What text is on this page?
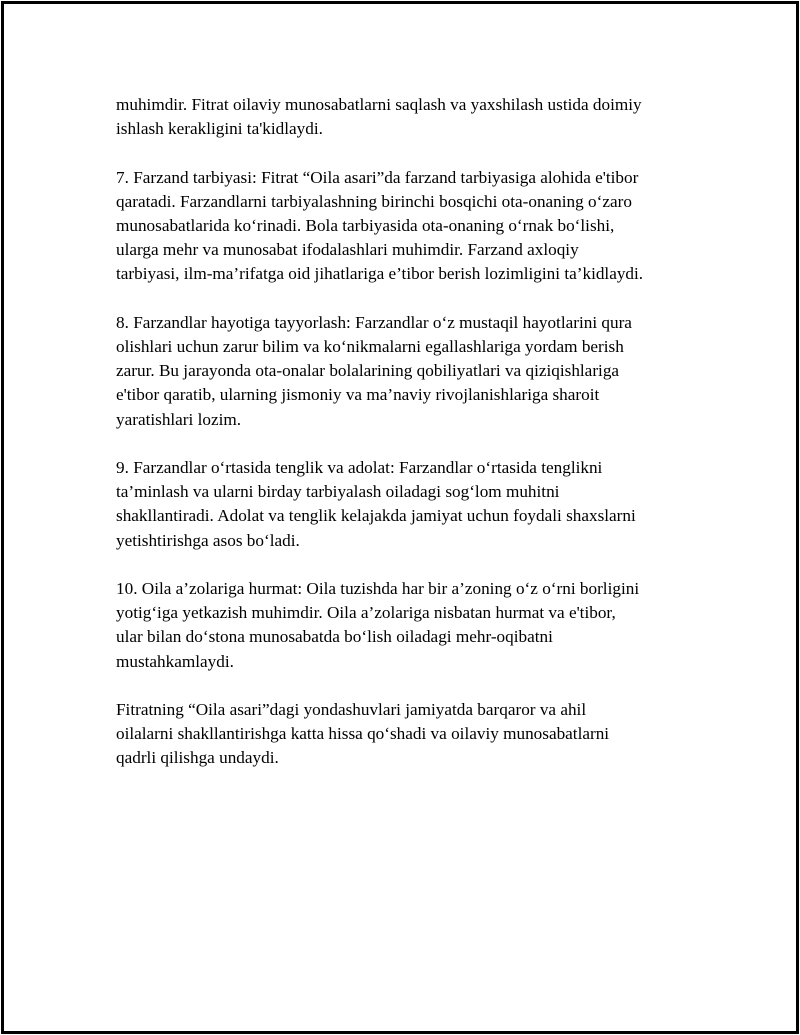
muhimdir. Fitrat oilaviy munosabatlarni saqlash va yaxshilash ustida doimiy
ishlash kerakligini ta'kidlaydi.

7. Farzand tarbiyasi: Fitrat “Oila asari”da farzand tarbiyasiga alohida e'tibor
qaratadi. Farzandlarni tarbiyalashning birinchi bosqichi ota-onaning o‘zaro
munosabatlarida ko‘rinadi. Bola tarbiyasida ota-onaning o‘rnak bo‘lishi,
ularga mehr va munosabat ifodalashlari muhimdir. Farzand axloqiy
tarbiyasi, ilm-ma’rifatga oid jihatlariga e’tibor berish lozimligini ta’kidlaydi.

8. Farzandlar hayotiga tayyorlash: Farzandlar o‘z mustaqil hayotlarini qura
olishlari uchun zarur bilim va ko‘nikmalarni egallashlariga yordam berish
zarur. Bu jarayonda ota-onalar bolalarining qobiliyatlari va qiziqishlariga
e'tibor qaratib, ularning jismoniy va ma’naviy rivojlanishlariga sharoit
yaratishlari lozim.

9. Farzandlar o‘rtasida tenglik va adolat: Farzandlar o‘rtasida tenglikni
ta’minlash va ularni birday tarbiyalash oiladagi sog‘lom muhitni
shakllantiradi. Adolat va tenglik kelajakda jamiyat uchun foydali shaxslarni
yetishtirishga asos bo‘ladi.

10. Oila a’zolariga hurmat: Oila tuzishda har bir a’zoning o‘z o‘rni borligini
yotig‘iga yetkazish muhimdir. Oila a’zolariga nisbatan hurmat va e'tibor,
ular bilan do‘stona munosabatda bo‘lish oiladagi mehr-oqibatni
mustahkamlaydi.

Fitratning “Oila asari”dagi yondashuvlari jamiyatda barqaror va ahil
oilalarni shakllantirishga katta hissa qo‘shadi va oilaviy munosabatlarni
qadrli qilishga undaydi.
